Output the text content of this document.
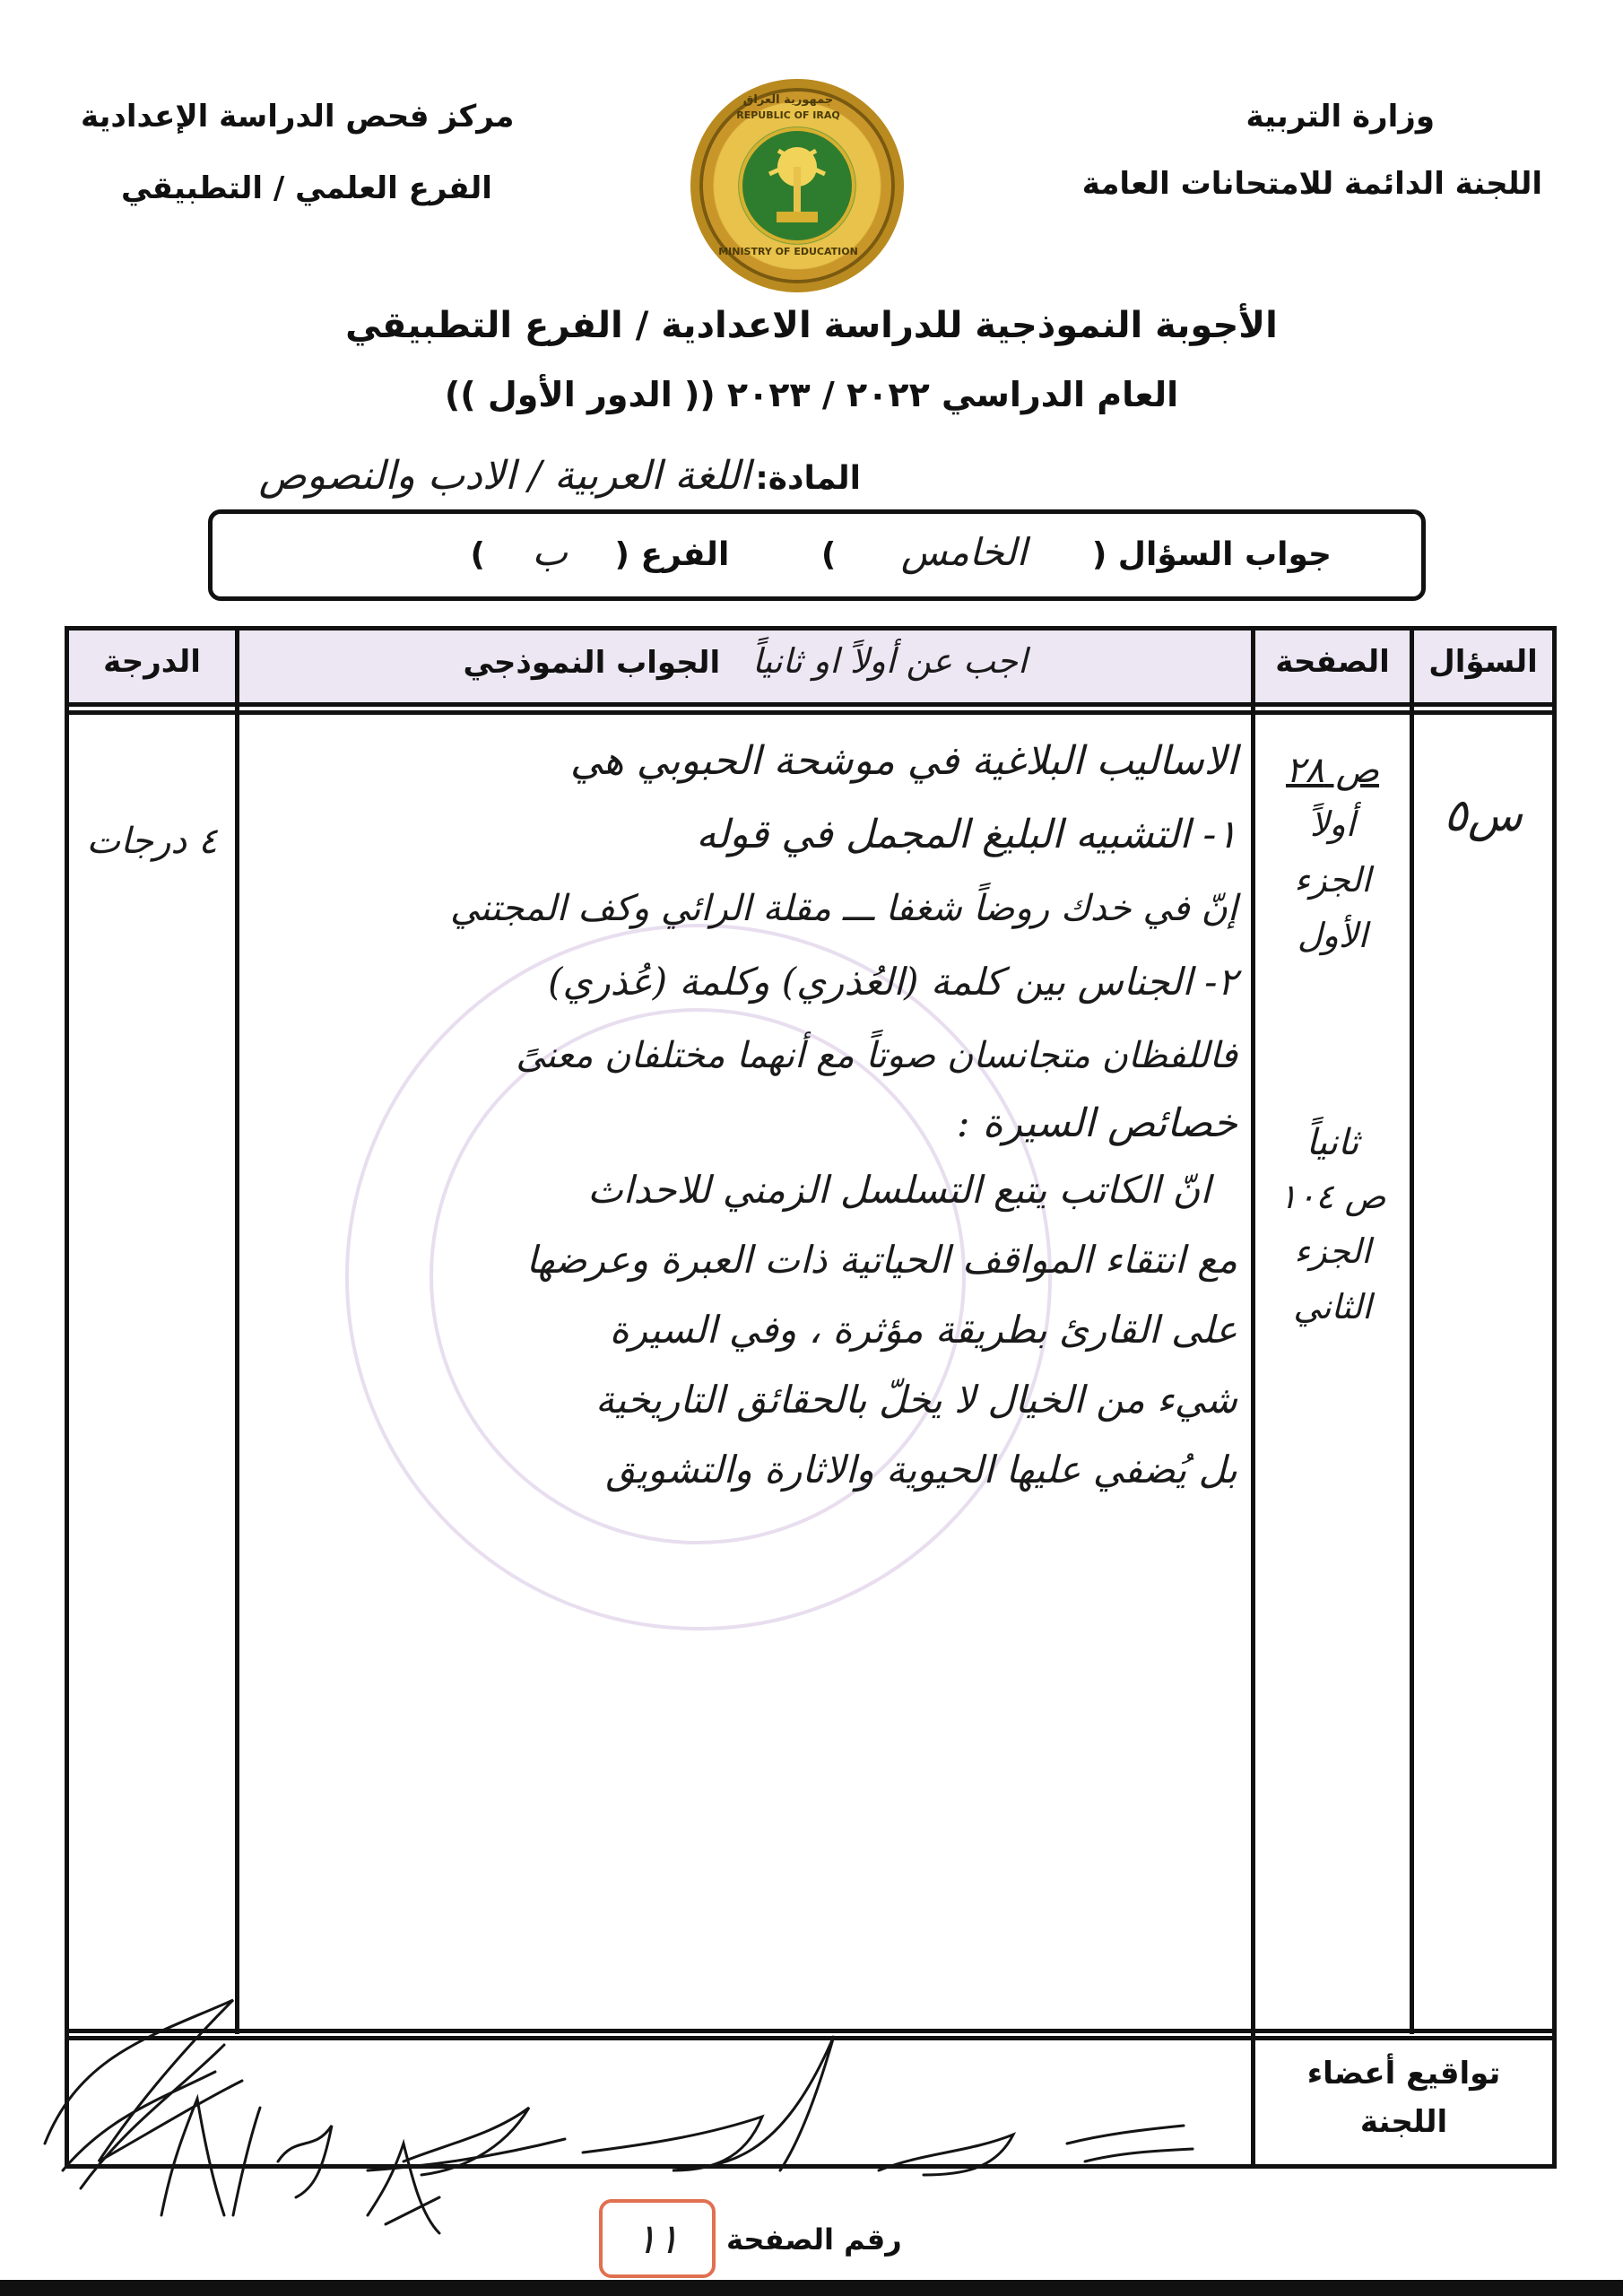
وزارة التربية
اللجنة الدائمة للامتحانات العامة
مركز فحص الدراسة الإعدادية
الفرع العلمي / التطبيقي
جمهورية العراق
REPUBLIC OF IRAQ
MINISTRY OF EDUCATION
الأجوبة النموذجية للدراسة الاعدادية / الفرع التطبيقي
العام الدراسي ٢٠٢٢ / ٢٠٢٣ (( الدور الأول ))
المادة: اللغة العربية / الادب والنصوص
جواب السؤال ( الخامس ) الفرع ( ب )
السؤال
الصفحة
اجب عن أولاً او ثانياً الجواب النموذجي
الدرجة
س٥
ص ٢٨
أولاً
الجزء
الأول
ثانياً
ص ١٠٤
الجزء
الثاني
٤ درجات
الاساليب البلاغية في موشحة الحبوبي هي
١- التشبيه البليغ المجمل في قوله
إنّ في خدك روضاً شغفا ـــ مقلة الرائي وكف المجتني
٢- الجناس بين كلمة (العُذري) وكلمة (عُذري)
فاللفظان متجانسان صوتاً مع أنهما مختلفان معنىً
خصائص السيرة :
انّ الكاتب يتبع التسلسل الزمني للاحداث
مع انتقاء المواقف الحياتية ذات العبرة وعرضها
على القارئ بطريقة مؤثرة ، وفي السيرة
شيء من الخيال لا يخلّ بالحقائق التاريخية
بل يُضفي عليها الحيوية والاثارة والتشويق
تواقيع أعضاء
اللجنة
رقم الصفحة
١١
